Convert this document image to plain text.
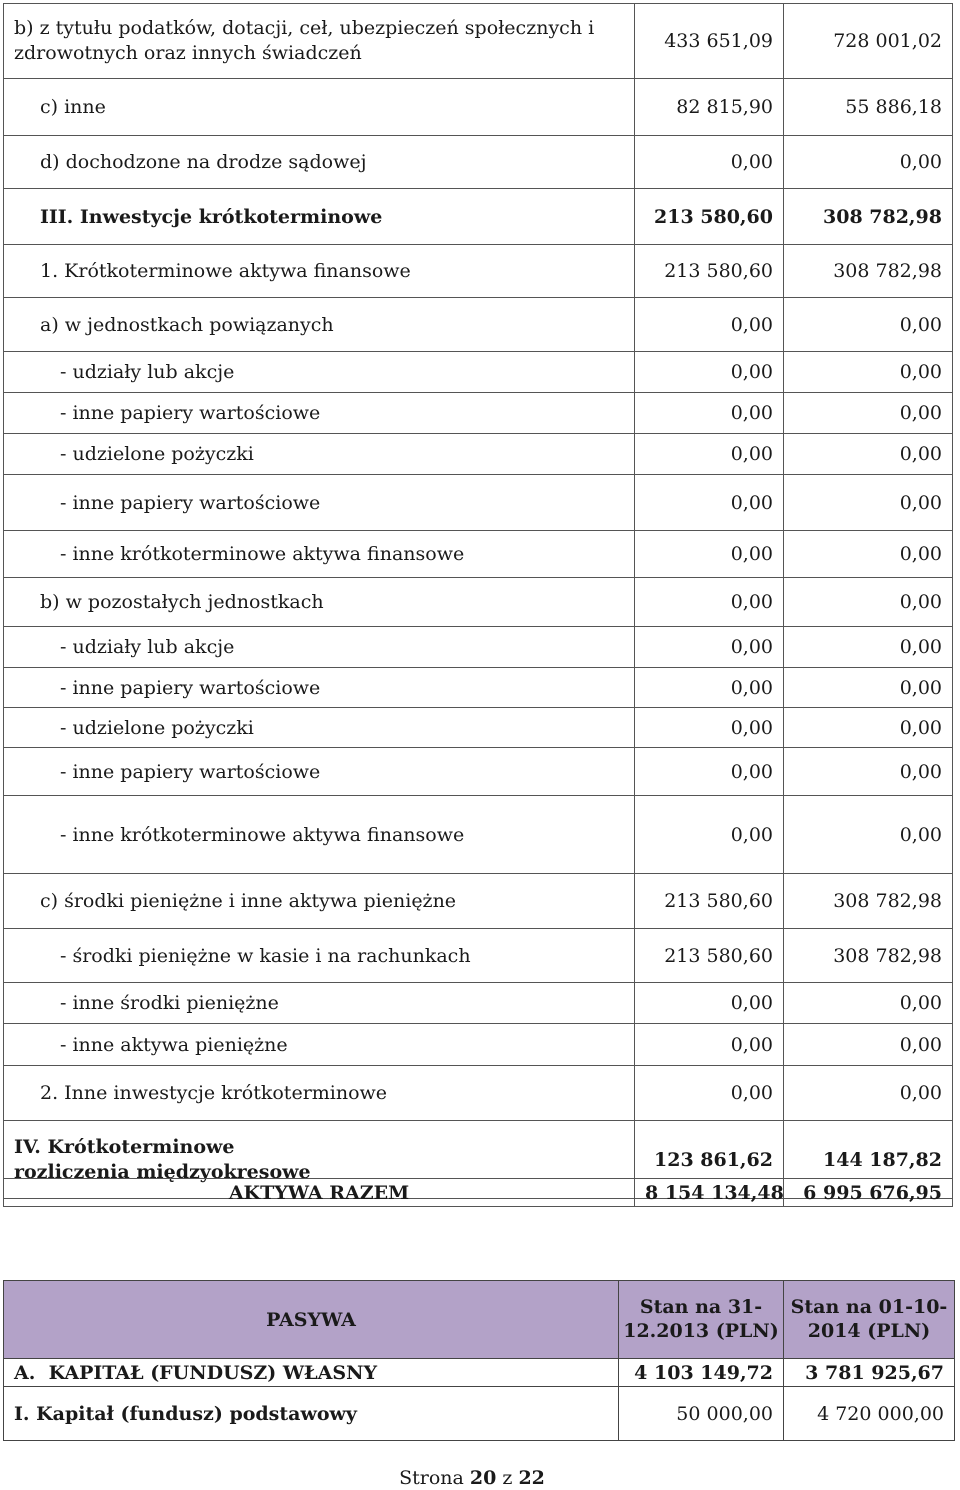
b) z tytułu podatków, dotacji, ceł, ubezpieczeń społecznych i zdrowotnych oraz innych świadczeń	433 651,09	728 001,02
c) inne	82 815,90	55 886,18
d) dochodzone na drodze sądowej	0,00	0,00
III. Inwestycje krótkoterminowe	213 580,60	308 782,98
1. Krótkoterminowe aktywa finansowe	213 580,60	308 782,98
a) w jednostkach powiązanych	0,00	0,00
- udziały lub akcje	0,00	0,00
- inne papiery wartościowe	0,00	0,00
- udzielone pożyczki	0,00	0,00
- inne papiery wartościowe	0,00	0,00
- inne krótkoterminowe aktywa finansowe	0,00	0,00
b) w pozostałych jednostkach	0,00	0,00
- udziały lub akcje	0,00	0,00
- inne papiery wartościowe	0,00	0,00
- udzielone pożyczki	0,00	0,00
- inne papiery wartościowe	0,00	0,00
- inne krótkoterminowe aktywa finansowe	0,00	0,00
c) środki pieniężne i inne aktywa pieniężne	213 580,60	308 782,98
- środki pieniężne w kasie i na rachunkach	213 580,60	308 782,98
- inne środki pieniężne	0,00	0,00
- inne aktywa pieniężne	0,00	0,00
2. Inne inwestycje krótkoterminowe	0,00	0,00
IV. Krótkoterminowe rozliczenia międzyokresowe	123 861,62	144 187,82
AKTYWA RAZEM	8 154 134,48	6 995 676,95
PASYWA	Stan na 31-12.2013 (PLN)	Stan na 01-10-2014 (PLN)
A.  KAPITAŁ (FUNDUSZ) WŁASNY	4 103 149,72	3 781 925,67
I. Kapitał (fundusz) podstawowy	50 000,00	4 720 000,00
Strona 20 z 22
